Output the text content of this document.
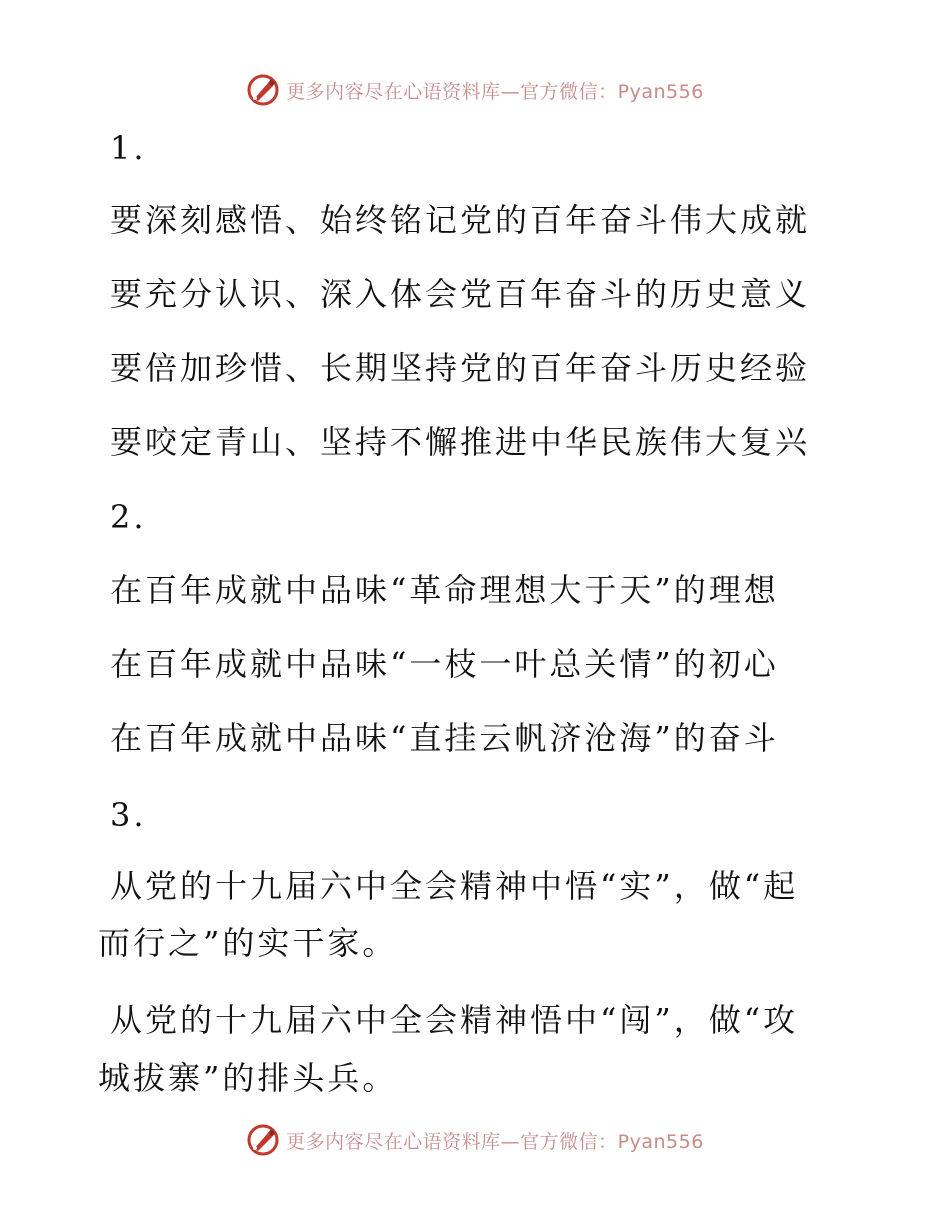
更多内容尽在心语资料库—官方微信：Pyan556
1.
要深刻感悟、始终铭记党的百年奋斗伟大成就
要充分认识、深入体会党百年奋斗的历史意义
要倍加珍惜、长期坚持党的百年奋斗历史经验
要咬定青山、坚持不懈推进中华民族伟大复兴
2.
在百年成就中品味“革命理想大于天”的理想
在百年成就中品味“一枝一叶总关情”的初心
在百年成就中品味“直挂云帆济沧海”的奋斗
3.
从党的十九届六中全会精神中悟“实”，做“起
而行之”的实干家。
从党的十九届六中全会精神悟中“闯”，做“攻
城拔寨”的排头兵。
更多内容尽在心语资料库—官方微信：Pyan556
